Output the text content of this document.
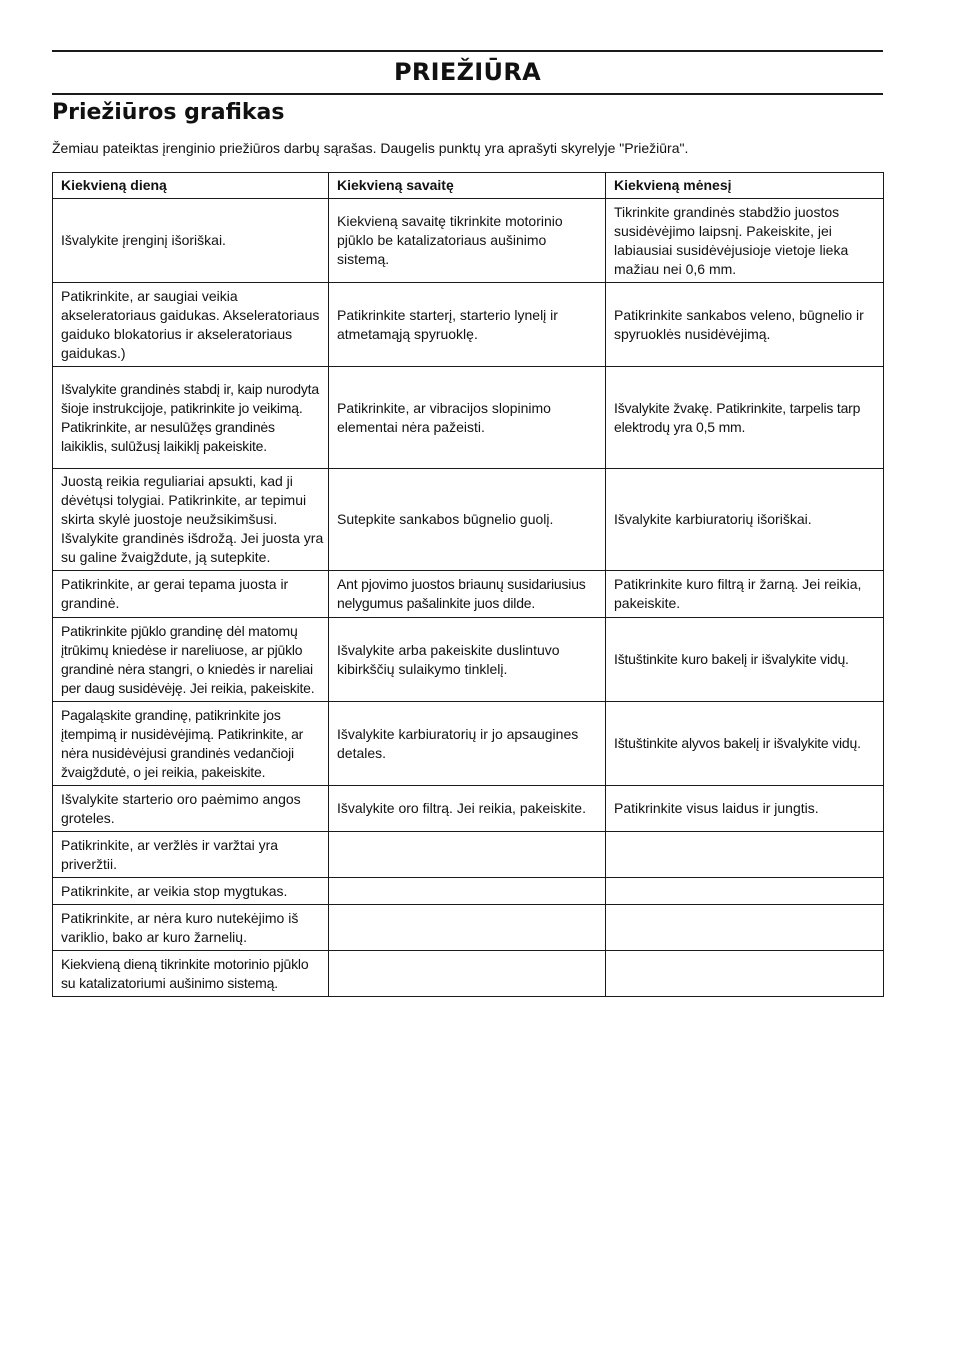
PRIEŽIŪRA
Priežiūros grafikas
Žemiau pateiktas įrenginio priežiūros darbų sąrašas. Daugelis punktų yra aprašyti skyrelyje "Priežiūra".
Kiekvieną dieną	Kiekvieną savaitę	Kiekvieną mėnesį
Išvalykite įrenginį išoriškai.	Kiekvieną savaitę tikrinkite motorinio pjūklo be katalizatoriaus aušinimo sistemą.	Tikrinkite grandinės stabdžio juostos susidėvėjimo laipsnį. Pakeiskite, jei labiausiai susidėvėjusioje vietoje lieka mažiau nei 0,6 mm.
Patikrinkite, ar saugiai veikia akseleratoriaus gaidukas. Akseleratoriaus gaiduko blokatorius ir akseleratoriaus gaidukas.)	Patikrinkite starterį, starterio lynelį ir atmetamąją spyruoklę.	Patikrinkite sankabos veleno, būgnelio ir spyruoklės nusidėvėjimą.
Išvalykite grandinės stabdį ir, kaip nurodyta šioje instrukcijoje, patikrinkite jo veikimą. Patikrinkite, ar nesulūžęs grandinės laikiklis, sulūžusį laikiklį pakeiskite.	Patikrinkite, ar vibracijos slopinimo elementai nėra pažeisti.	Išvalykite žvakę. Patikrinkite, tarpelis tarp elektrodų yra 0,5 mm.
Juostą reikia reguliariai apsukti, kad ji dėvėtųsi tolygiai. Patikrinkite, ar tepimui skirta skylė juostoje neužsikimšusi. Išvalykite grandinės išdrožą. Jei juosta yra su galine žvaigždute, ją sutepkite.	Sutepkite sankabos būgnelio guolį.	Išvalykite karbiuratorių išoriškai.
Patikrinkite, ar gerai tepama juosta ir grandinė.	Ant pjovimo juostos briaunų susidariusius nelygumus pašalinkite juos dilde.	Patikrinkite kuro filtrą ir žarną. Jei reikia, pakeiskite.
Patikrinkite pjūklo grandinę dėl matomų įtrūkimų kniedėse ir nareliuose, ar pjūklo grandinė nėra stangri, o kniedės ir nareliai per daug susidėvėję. Jei reikia, pakeiskite.	Išvalykite arba pakeiskite duslintuvo kibirkščių sulaikymo tinklelį.	Ištuštinkite kuro bakelį ir išvalykite vidų.
Pagaląskite grandinę, patikrinkite jos įtempimą ir nusidėvėjimą. Patikrinkite, ar nėra nusidėvėjusi grandinės vedančioji žvaigždutė, o jei reikia, pakeiskite.	Išvalykite karbiuratorių ir jo apsaugines detales.	Ištuštinkite alyvos bakelį ir išvalykite vidų.
Išvalykite starterio oro paėmimo angos groteles.	Išvalykite oro filtrą. Jei reikia, pakeiskite.	Patikrinkite visus laidus ir jungtis.
Patikrinkite, ar veržlės ir varžtai yra priveržtii.		
Patikrinkite, ar veikia stop mygtukas.		
Patikrinkite, ar nėra kuro nutekėjimo iš variklio, bako ar kuro žarnelių.		
Kiekvieną dieną tikrinkite motorinio pjūklo su katalizatoriumi aušinimo sistemą.		
